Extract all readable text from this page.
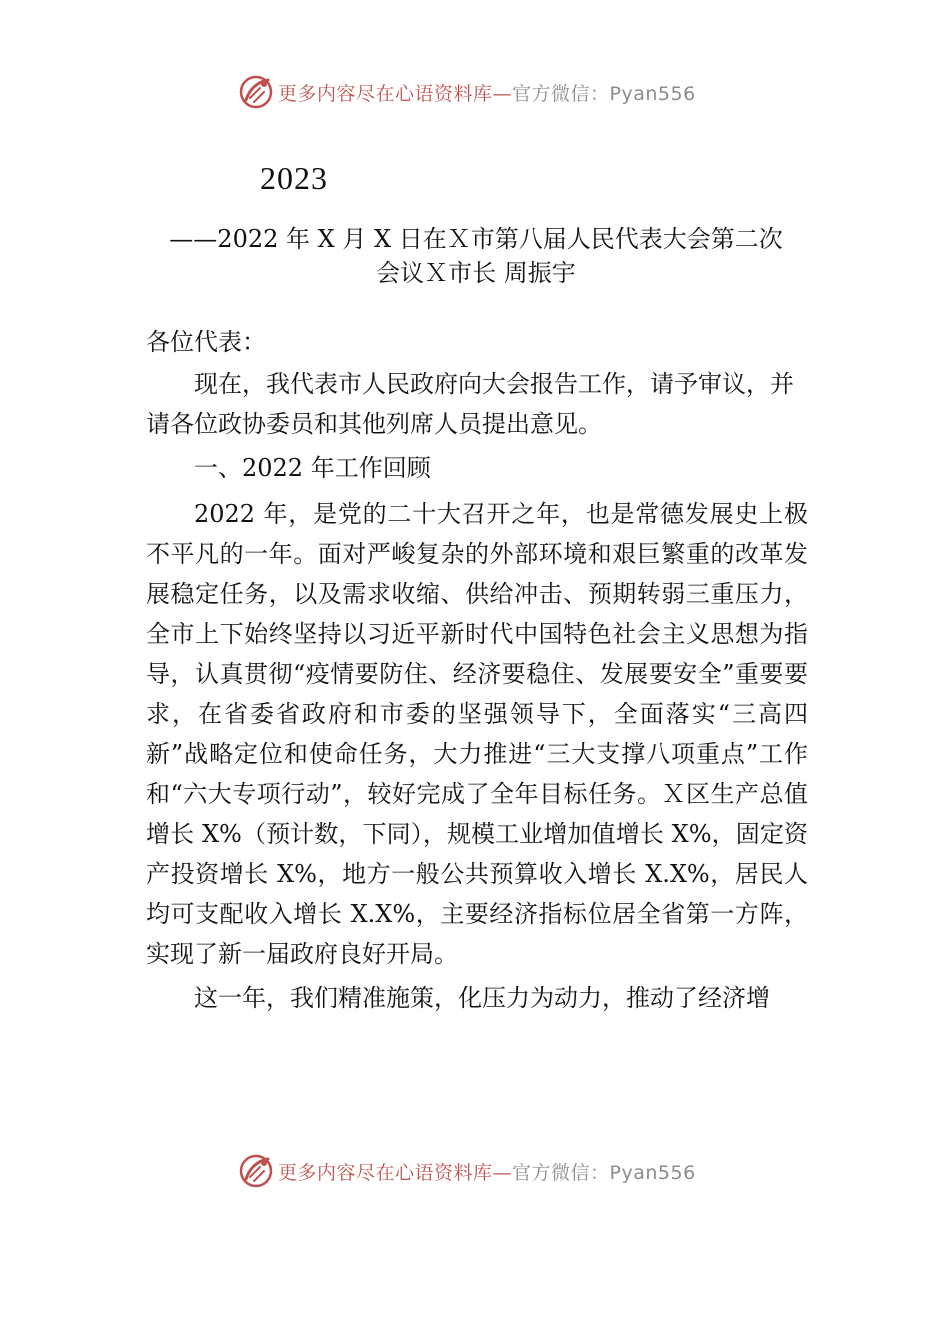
更多内容尽在心语资料库—官方微信：Pyan556
2023
——2022 年 X 月 X 日在Ｘ市第八届人民代表大会第二次
会议Ｘ市长 周振宇

各位代表：

现在，我代表市人民政府向大会报告工作，请予审议，并请各位政协委员和其他列席人员提出意见。

一、2022 年工作回顾

2022 年，是党的二十大召开之年，也是常德发展史上极不平凡的一年。面对严峻复杂的外部环境和艰巨繁重的改革发展稳定任务，以及需求收缩、供给冲击、预期转弱三重压力，全市上下始终坚持以习近平新时代中国特色社会主义思想为指导，认真贯彻“疫情要防住、经济要稳住、发展要安全”重要要求，在省委省政府和市委的坚强领导下，全面落实“三高四新”战略定位和使命任务，大力推进“三大支撑八项重点”工作和“六大专项行动”，较好完成了全年目标任务。Ｘ区生产总值增长 X%（预计数，下同），规模工业增加值增长 X%，固定资产投资增长 X%，地方一般公共预算收入增长 X.X%，居民人均可支配收入增长 X.X%，主要经济指标位居全省第一方阵，实现了新一届政府良好开局。

这一年，我们精准施策，化压力为动力，推动了经济增

更多内容尽在心语资料库—官方微信：Pyan556
